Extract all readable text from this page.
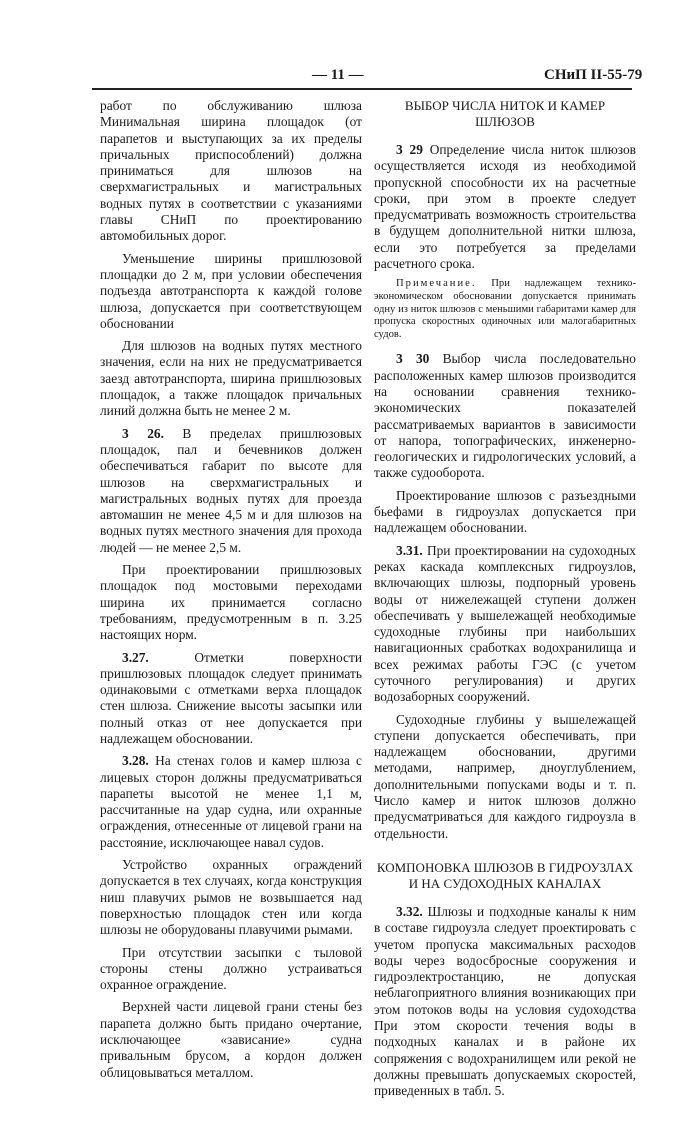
— 11 —	СНиП II-55-79

работ по обслуживанию шлюза Минимальная ширина площадок (от парапетов и выступающих за их пределы причальных приспособлений) должна приниматься для шлюзов на сверхмагистральных и магистральных водных путях в соответствии с указаниями главы СНиП по проектированию автомобильных дорог.

Уменьшение ширины пришлюзовой площадки до 2 м, при условии обеспечения подъезда автотранспорта к каждой голове шлюза, допускается при соответствующем обосновании

Для шлюзов на водных путях местного значения, если на них не предусматривается заезд автотранспорта, ширина пришлюзовых площадок, а также площадок причальных линий должна быть не менее 2 м.

3 26. В пределах пришлюзовых площадок, пал и бечевников должен обеспечиваться габарит по высоте для шлюзов на сверхмагистральных и магистральных водных путях для проезда автомашин не менее 4,5 м и для шлюзов на водных путях местного значения для прохода людей — не менее 2,5 м.

При проектировании пришлюзовых площадок под мостовыми переходами ширина их принимается согласно требованиям, предусмотренным в п. 3.25 настоящих норм.

3.27. Отметки поверхности пришлюзовых площадок следует принимать одинаковыми с отметками верха площадок стен шлюза. Снижение высоты засыпки или полный отказ от нее допускается при надлежащем обосновании.

3.28. На стенах голов и камер шлюза с лицевых сторон должны предусматриваться парапеты высотой не менее 1,1 м, рассчитанные на удар судна, или охранные ограждения, отнесенные от лицевой грани на расстояние, исключающее навал судов.

Устройство охранных ограждений допускается в тех случаях, когда конструкция ниш плавучих рымов не возвышается над поверхностью площадок стен или когда шлюзы не оборудованы плавучими рымами.

При отсутствии засыпки с тыловой стороны стены должно устраиваться охранное ограждение.

Верхней части лицевой грани стены без парапета должно быть придано очертание, исключающее «зависание» судна привальным брусом, а кордон должен облицовываться металлом.

ВЫБОР ЧИСЛА НИТОК И КАМЕР ШЛЮЗОВ

3 29 Определение числа ниток шлюзов осуществляется исходя из необходимой пропускной способности их на расчетные сроки, при этом в проекте следует предусматривать возможность строительства в будущем дополнительной нитки шлюза, если это потребуется за пределами расчетного срока.

Примечание. При надлежащем технико-экономическом обосновании допускается принимать одну из ниток шлюзов с меньшими габаритами камер для пропуска скоростных одиночных или малогабаритных судов.

3 30 Выбор числа последовательно расположенных камер шлюзов производится на основании сравнения технико-экономических показателей рассматриваемых вариантов в зависимости от напора, топографических, инженерно-геологических и гидрологических условий, а также судооборота.

Проектирование шлюзов с разъездными бьефами в гидроузлах допускается при надлежащем обосновании.

3.31. При проектировании на судоходных реках каскада комплексных гидроузлов, включающих шлюзы, подпорный уровень воды от нижележащей ступени должен обеспечивать у вышележащей необходимые судоходные глубины при наибольших навигационных сработках водохранилища и всех режимах работы ГЭС (с учетом суточного регулирования) и других водозаборных сооружений.

Судоходные глубины у вышележащей ступени допускается обеспечивать, при надлежащем обосновании, другими методами, например, дноуглублением, дополнительными попусками воды и т. п. Число камер и ниток шлюзов должно предусматриваться для каждого гидроузла в отдельности.

КОМПОНОВКА ШЛЮЗОВ В ГИДРОУЗЛАХ
И НА СУДОХОДНЫХ КАНАЛАХ

3.32. Шлюзы и подходные каналы к ним в составе гидроузла следует проектировать с учетом пропуска максимальных расходов воды через водосбросные сооружения и гидроэлектростанцию, не допуская неблагоприятного влияния возникающих при этом потоков воды на условия судоходства При этом скорости течения воды в подходных каналах и в районе их сопряжения с водохранилищем или рекой не должны превышать допускаемых скоростей, приведенных в табл. 5.
